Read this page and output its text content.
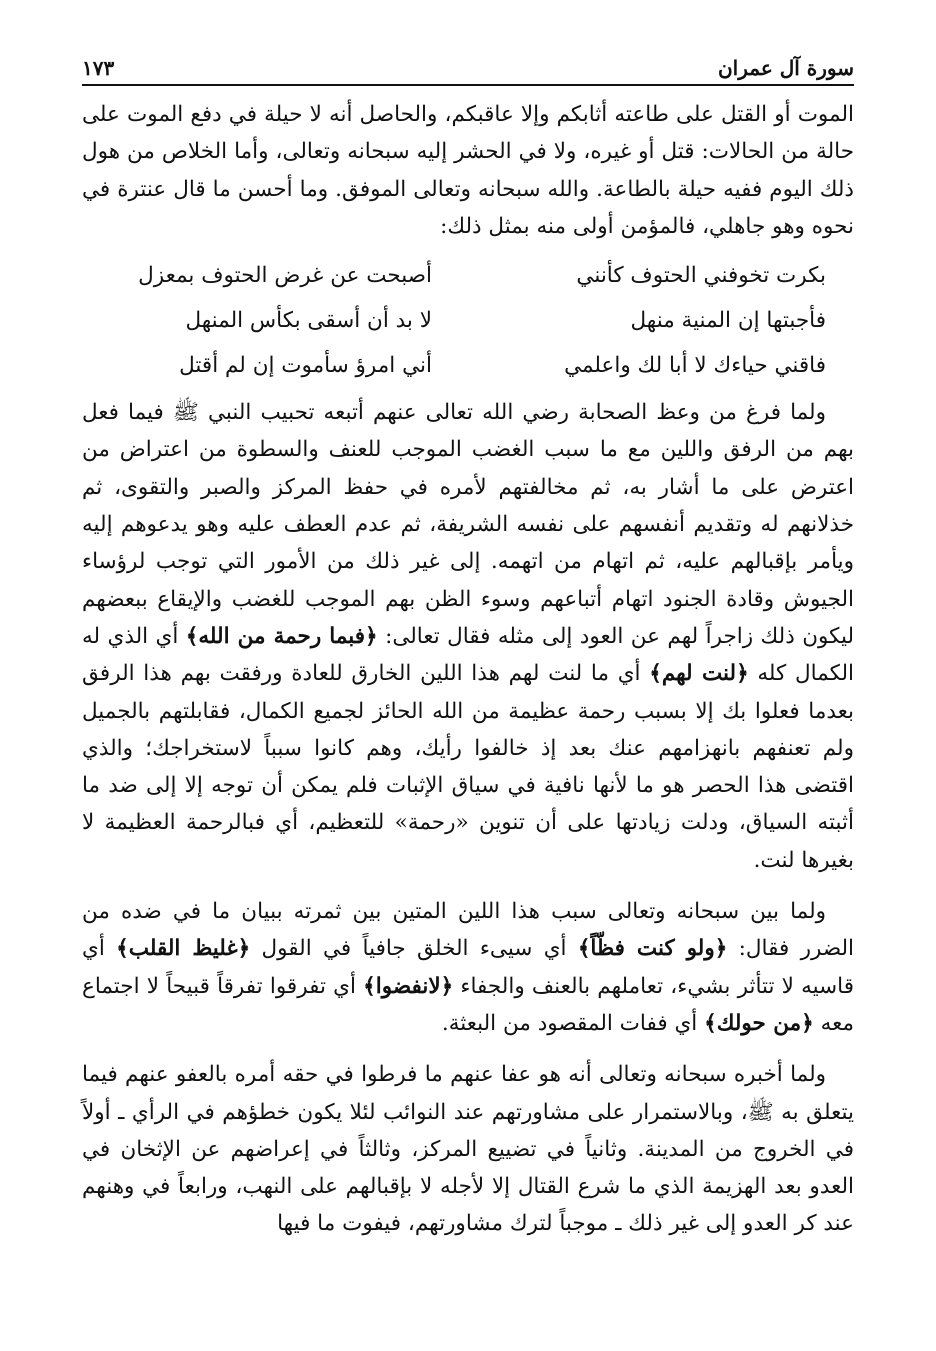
سورة آل عمران
١٧٣

الموت أو القتل على طاعته أثابكم وإلا عاقبكم، والحاصل أنه لا حيلة في دفع الموت على حالة من الحالات: قتل أو غيره، ولا في الحشر إليه سبحانه وتعالى، وأما الخلاص من هول ذلك اليوم ففيه حيلة بالطاعة. والله سبحانه وتعالى الموفق. وما أحسن ما قال عنترة في نحوه وهو جاهلي، فالمؤمن أولى منه بمثل ذلك:

بكرت تخوفني الحتوف كأنني
أصبحت عن غرض الحتوف بمعزل
فأجبتها إن المنية منهل
لا بد أن أسقى بكأس المنهل
فاقني حياءك لا أبا لك واعلمي
أني امرؤ سأموت إن لم أقتل

ولما فرغ من وعظ الصحابة رضي الله تعالى عنهم أتبعه تحبيب النبي ﷺ فيما فعل بهم من الرفق واللين مع ما سبب الغضب الموجب للعنف والسطوة من اعتراض من اعترض على ما أشار به، ثم مخالفتهم لأمره في حفظ المركز والصبر والتقوى، ثم خذلانهم له وتقديم أنفسهم على نفسه الشريفة، ثم عدم العطف عليه وهو يدعوهم إليه ويأمر بإقبالهم عليه، ثم اتهام من اتهمه. إلى غير ذلك من الأمور التي توجب لرؤساء الجيوش وقادة الجنود اتهام أتباعهم وسوء الظن بهم الموجب للغضب والإيقاع ببعضهم ليكون ذلك زاجراً لهم عن العود إلى مثله فقال تعالى: ﴿فبما رحمة من الله﴾ أي الذي له الكمال كله ﴿لنت لهم﴾ أي ما لنت لهم هذا اللين الخارق للعادة ورفقت بهم هذا الرفق بعدما فعلوا بك إلا بسبب رحمة عظيمة من الله الحائز لجميع الكمال، فقابلتهم بالجميل ولم تعنفهم بانهزامهم عنك بعد إذ خالفوا رأيك، وهم كانوا سبباً لاستخراجك؛ والذي اقتضى هذا الحصر هو ما لأنها نافية في سياق الإثبات فلم يمكن أن توجه إلا إلى ضد ما أثبته السياق، ودلت زيادتها على أن تنوين «رحمة» للتعظيم، أي فبالرحمة العظيمة لا بغيرها لنت.

ولما بين سبحانه وتعالى سبب هذا اللين المتين بين ثمرته ببيان ما في ضده من الضرر فقال: ﴿ولو كنت فظّاً﴾ أي سيىء الخلق جافياً في القول ﴿غليظ القلب﴾ أي قاسيه لا تتأثر بشيء، تعاملهم بالعنف والجفاء ﴿لانفضوا﴾ أي تفرقوا تفرقاً قبيحاً لا اجتماع معه ﴿من حولك﴾ أي ففات المقصود من البعثة.

ولما أخبره سبحانه وتعالى أنه هو عفا عنهم ما فرطوا في حقه أمره بالعفو عنهم فيما يتعلق به ﷺ، وبالاستمرار على مشاورتهم عند النوائب لئلا يكون خطؤهم في الرأي ـ أولاً في الخروج من المدينة. وثانياً في تضييع المركز، وثالثاً في إعراضهم عن الإثخان في العدو بعد الهزيمة الذي ما شرع القتال إلا لأجله لا بإقبالهم على النهب، ورابعاً في وهنهم عند كر العدو إلى غير ذلك ـ موجباً لترك مشاورتهم، فيفوت ما فيها
